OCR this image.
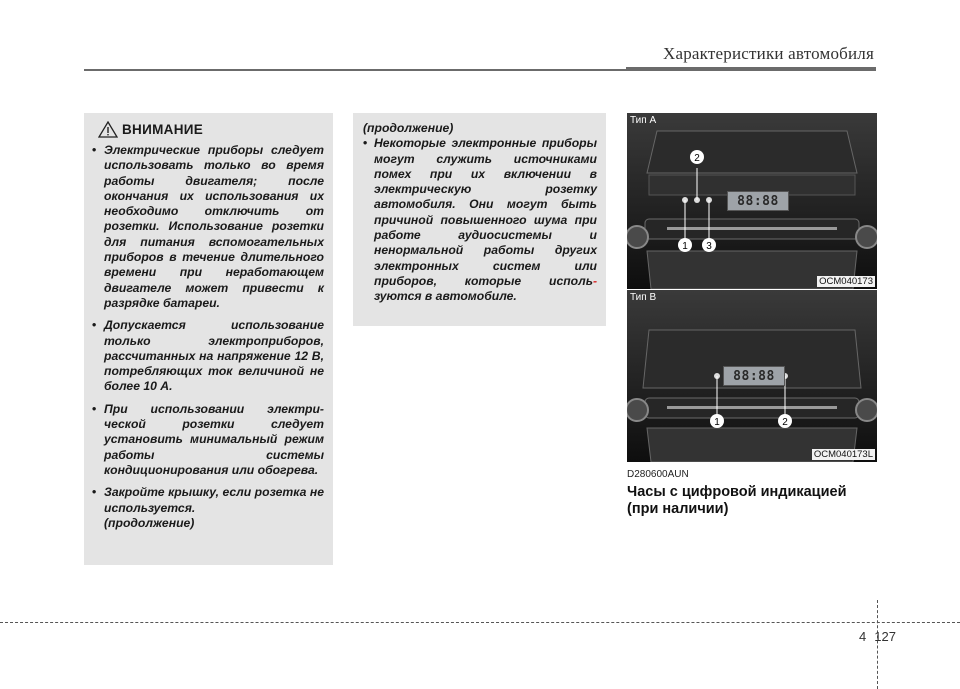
Характеристики автомобиля
ВНИМАНИЕ
• Электрические приборы следует использовать только во время работы двигателя; после окончания их использования их необходимо отключить от розетки. Использование розетки для питания вспомогательных приборов в течение длительного времени при неработающем двигателе может привести к разрядке батареи.
• Допускается использование только электроприборов, рассчитанных на напряжение 12 В, потребляющих ток величиной не более 10 А.
• При использовании электри-ческой розетки следует установить минимальный режим работы системы кондиционирования или обогрева.
• Закройте крышку, если розетка не используется.
(продолжение)
(продолжение)
• Некоторые электронные приборы могут служить источниками помех при их включении в электрическую розетку автомобиля. Они могут быть причиной повышенного шума при работе аудиосистемы и ненормальной работы других электронных систем или приборов, которые исполь- зуются в автомобиле.
88:88
1
2
3
Тип А
OCM040173
88:88
1	2
Тип В
OCM040173L
D280600AUN
Часы с цифровой индикацией
(при наличии)
4 127
